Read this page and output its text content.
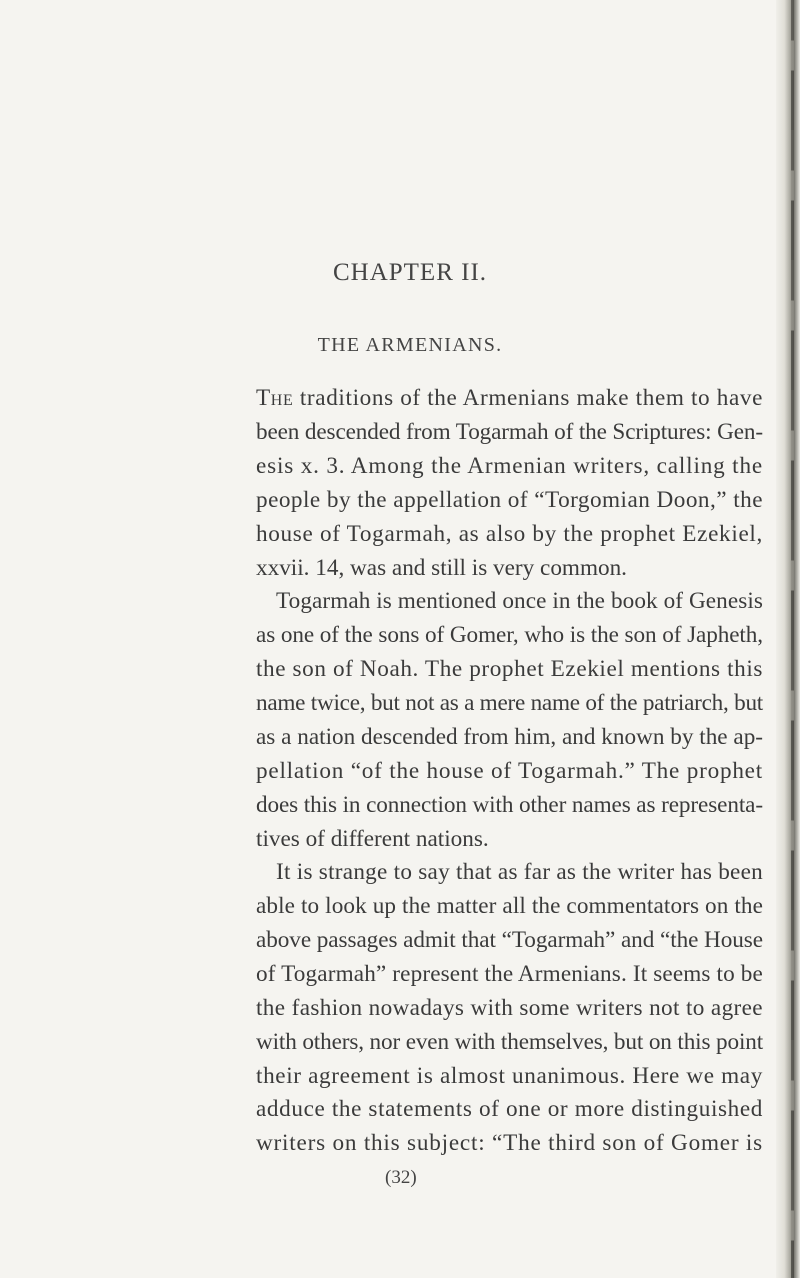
CHAPTER II.
THE ARMENIANS.
The traditions of the Armenians make them to have
been descended from Togarmah of the Scriptures: Gen-
esis x. 3. Among the Armenian writers, calling the
people by the appellation of “Torgomian Doon,” the
house of Togarmah, as also by the prophet Ezekiel,
xxvii. 14, was and still is very common.
Togarmah is mentioned once in the book of Genesis
as one of the sons of Gomer, who is the son of Japheth,
the son of Noah. The prophet Ezekiel mentions this
name twice, but not as a mere name of the patriarch, but
as a nation descended from him, and known by the ap-
pellation “of the house of Togarmah.” The prophet
does this in connection with other names as representa-
tives of different nations.
It is strange to say that as far as the writer has been
able to look up the matter all the commentators on the
above passages admit that “Togarmah” and “the House
of Togarmah” represent the Armenians. It seems to be
the fashion nowadays with some writers not to agree
with others, nor even with themselves, but on this point
their agreement is almost unanimous. Here we may
adduce the statements of one or more distinguished
writers on this subject: “The third son of Gomer is
(32)
